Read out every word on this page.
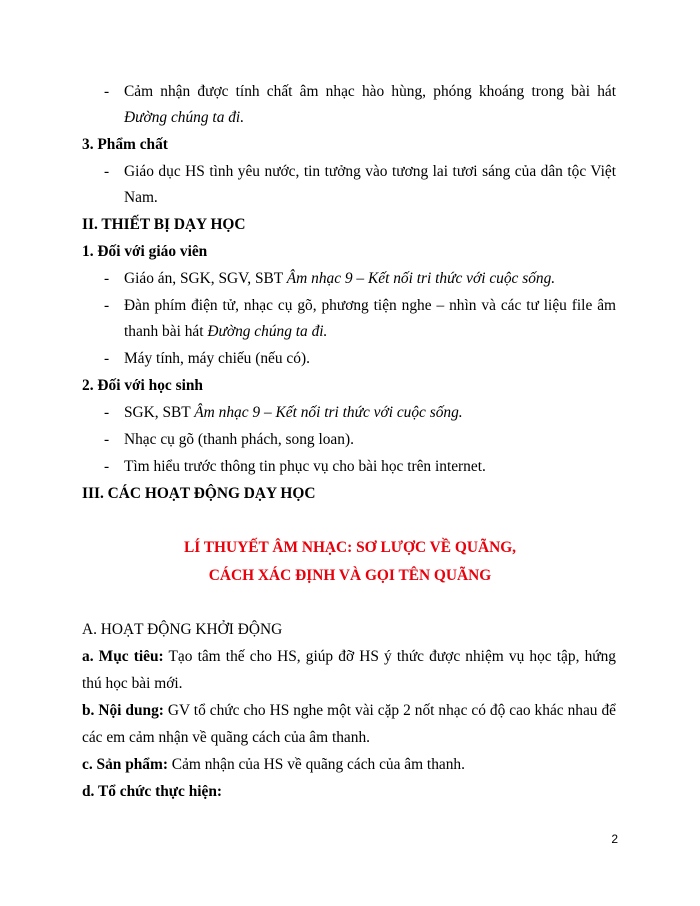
- Cảm nhận được tính chất âm nhạc hào hùng, phóng khoáng trong bài hát
Đường chúng ta đi.
3. Phẩm chất
- Giáo dục HS tình yêu nước, tin tưởng vào tương lai tươi sáng của dân tộc Việt
Nam.
II. THIẾT BỊ DẠY HỌC
1. Đối với giáo viên
- Giáo án, SGK, SGV, SBT Âm nhạc 9 – Kết nối tri thức với cuộc sống.
- Đàn phím điện tử, nhạc cụ gõ, phương tiện nghe – nhìn và các tư liệu file âm
thanh bài hát Đường chúng ta đi.
- Máy tính, máy chiếu (nếu có).
2. Đối với học sinh
- SGK, SBT Âm nhạc 9 – Kết nối tri thức với cuộc sống.
- Nhạc cụ gõ (thanh phách, song loan).
- Tìm hiểu trước thông tin phục vụ cho bài học trên internet.
III. CÁC HOẠT ĐỘNG DẠY HỌC
LÍ THUYẾT ÂM NHẠC: SƠ LƯỢC VỀ QUÃNG,
CÁCH XÁC ĐỊNH VÀ GỌI TÊN QUÃNG
A. HOẠT ĐỘNG KHỞI ĐỘNG
a. Mục tiêu: Tạo tâm thế cho HS, giúp đỡ HS ý thức được nhiệm vụ học tập, hứng
thú học bài mới.
b. Nội dung: GV tổ chức cho HS nghe một vài cặp 2 nốt nhạc có độ cao khác nhau để
các em cảm nhận về quãng cách của âm thanh.
c. Sản phẩm: Cảm nhận của HS về quãng cách của âm thanh.
d. Tổ chức thực hiện:
2
